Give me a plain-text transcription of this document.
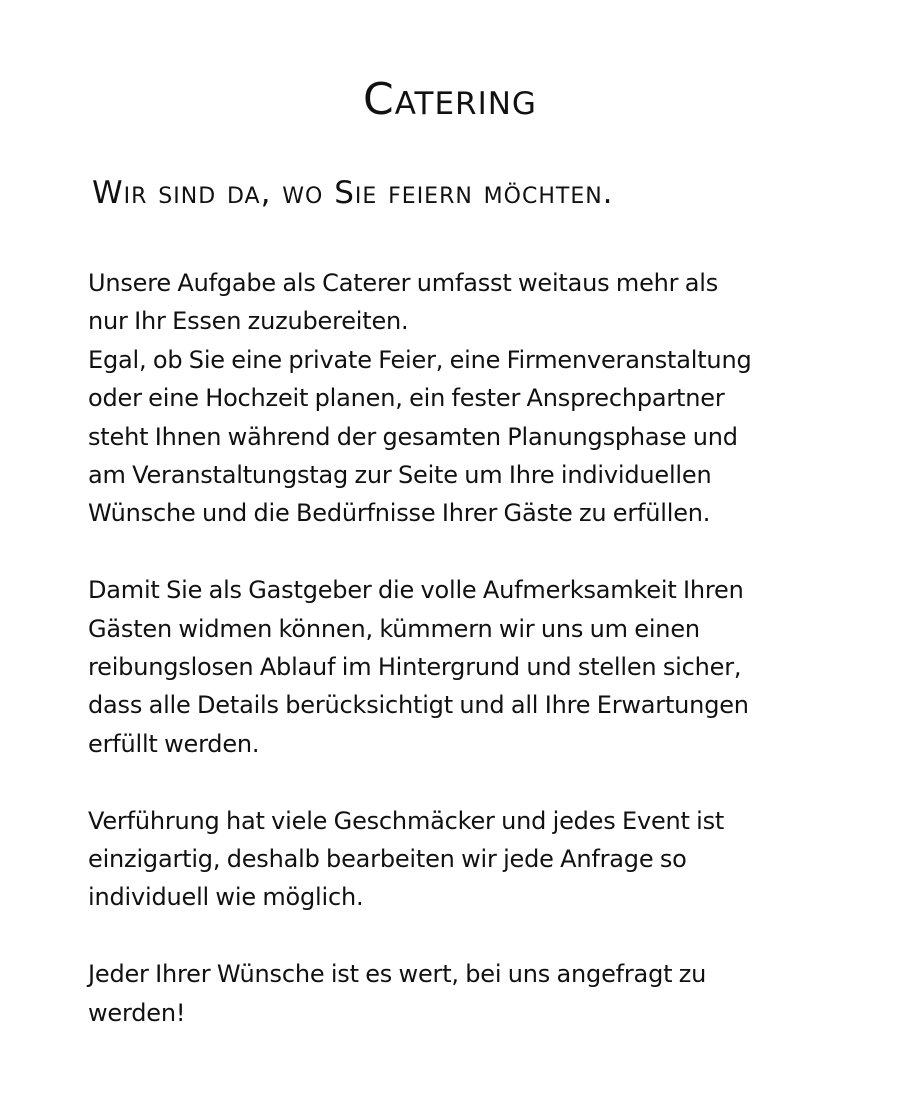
Catering
Wir sind da, wo Sie feiern möchten.

Unsere Aufgabe als Caterer umfasst weitaus mehr als
nur Ihr Essen zuzubereiten.
Egal, ob Sie eine private Feier, eine Firmenveranstaltung
oder eine Hochzeit planen, ein fester Ansprechpartner
steht Ihnen während der gesamten Planungsphase und
am Veranstaltungstag zur Seite um Ihre individuellen
Wünsche und die Bedürfnisse Ihrer Gäste zu erfüllen.

Damit Sie als Gastgeber die volle Aufmerksamkeit Ihren
Gästen widmen können, kümmern wir uns um einen
reibungslosen Ablauf im Hintergrund und stellen sicher,
dass alle Details berücksichtigt und all Ihre Erwartungen
erfüllt werden.

Verführung hat viele Geschmäcker und jedes Event ist
einzigartig, deshalb bearbeiten wir jede Anfrage so
individuell wie möglich.

Jeder Ihrer Wünsche ist es wert, bei uns angefragt zu
werden!
